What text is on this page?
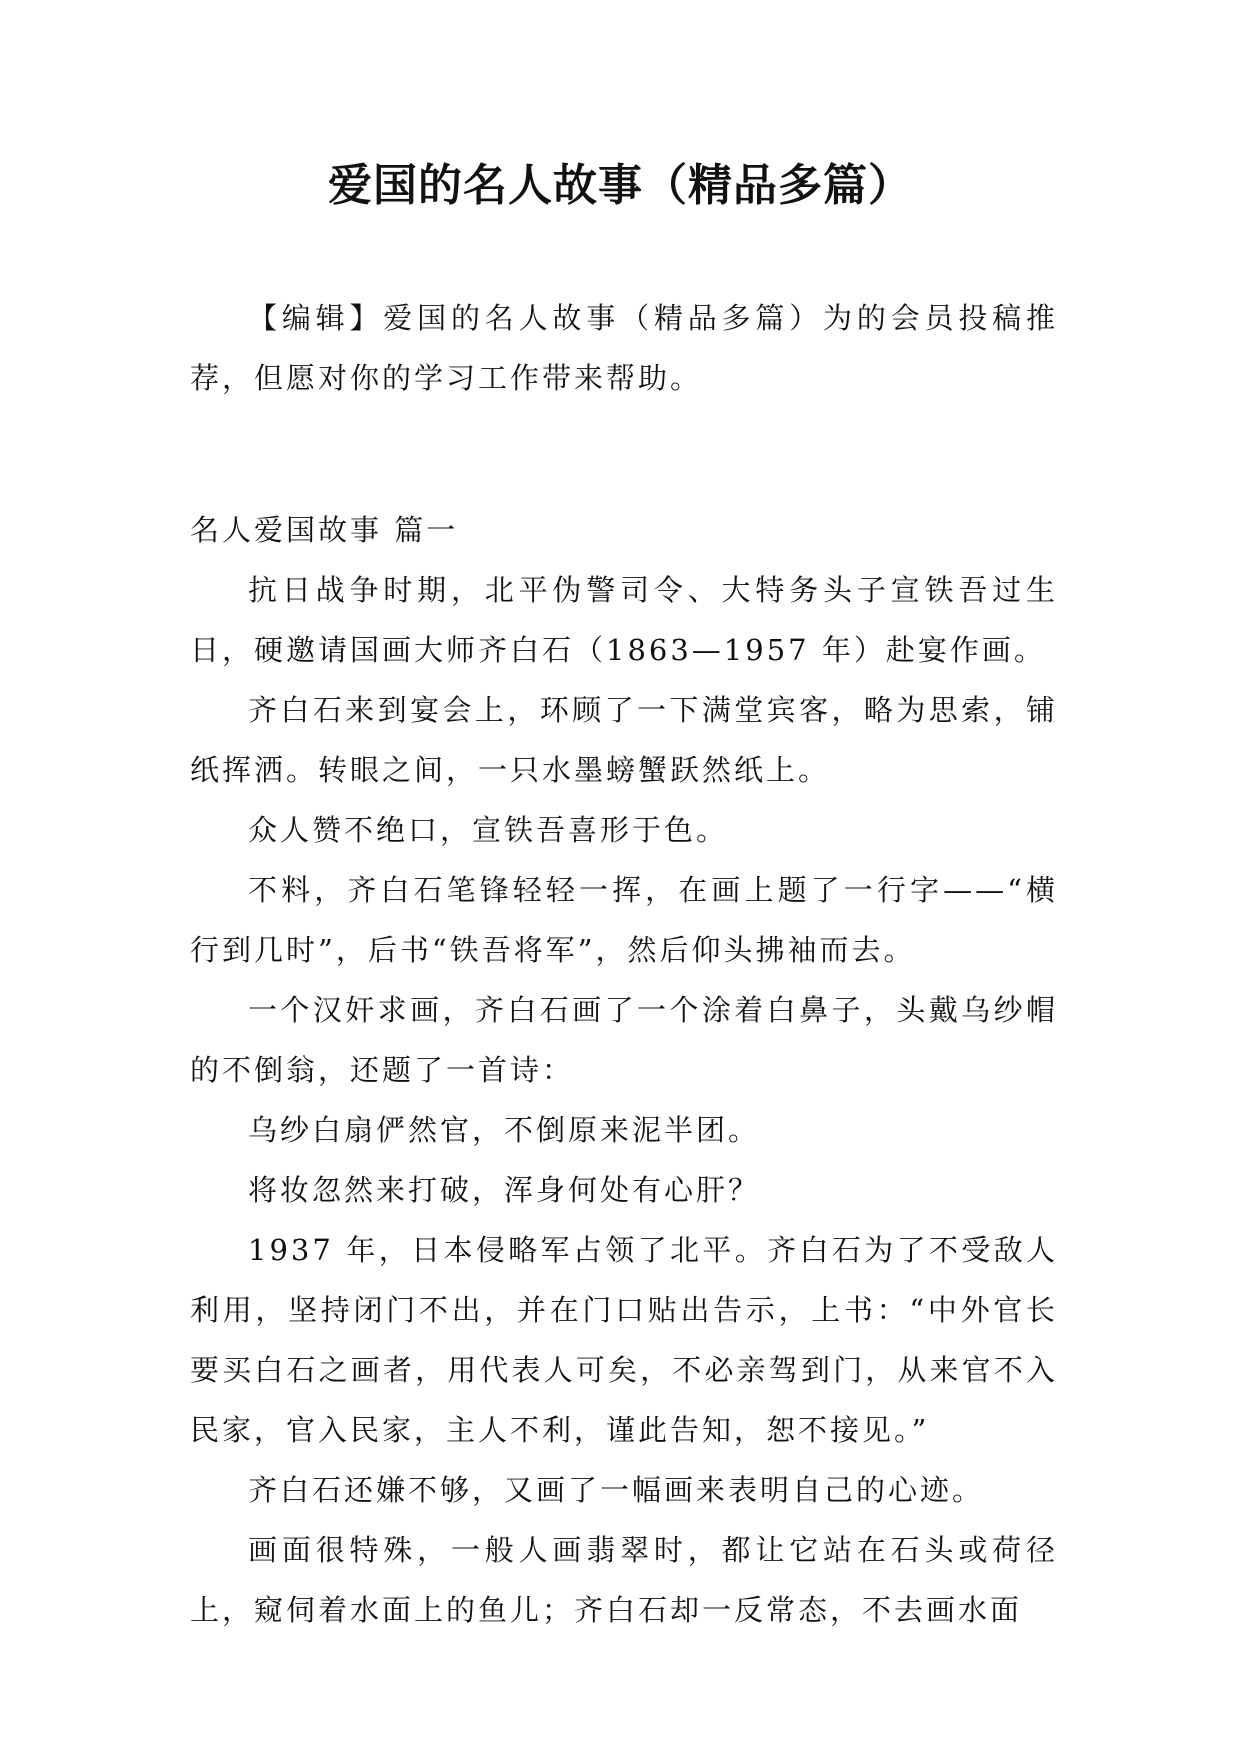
爱国的名人故事（精品多篇）

【编辑】爱国的名人故事（精品多篇）为的会员投稿推荐，但愿对你的学习工作带来帮助。

名人爱国故事 篇一

抗日战争时期，北平伪警司令、大特务头子宣铁吾过生日，硬邀请国画大师齐白石（1863—1957 年）赴宴作画。

齐白石来到宴会上，环顾了一下满堂宾客，略为思索，铺纸挥洒。转眼之间，一只水墨螃蟹跃然纸上。

众人赞不绝口，宣铁吾喜形于色。

不料，齐白石笔锋轻轻一挥，在画上题了一行字——“横行到几时”，后书“铁吾将军”，然后仰头拂袖而去。

一个汉奸求画，齐白石画了一个涂着白鼻子，头戴乌纱帽的不倒翁，还题了一首诗：

乌纱白扇俨然官，不倒原来泥半团。

将妆忽然来打破，浑身何处有心肝？

1937 年，日本侵略军占领了北平。齐白石为了不受敌人利用，坚持闭门不出，并在门口贴出告示，上书：“中外官长要买白石之画者，用代表人可矣，不必亲驾到门，从来官不入民家，官入民家，主人不利，谨此告知，恕不接见。”

齐白石还嫌不够，又画了一幅画来表明自己的心迹。

画面很特殊，一般人画翡翠时，都让它站在石头或荷径上，窥伺着水面上的鱼儿；齐白石却一反常态，不去画水面
